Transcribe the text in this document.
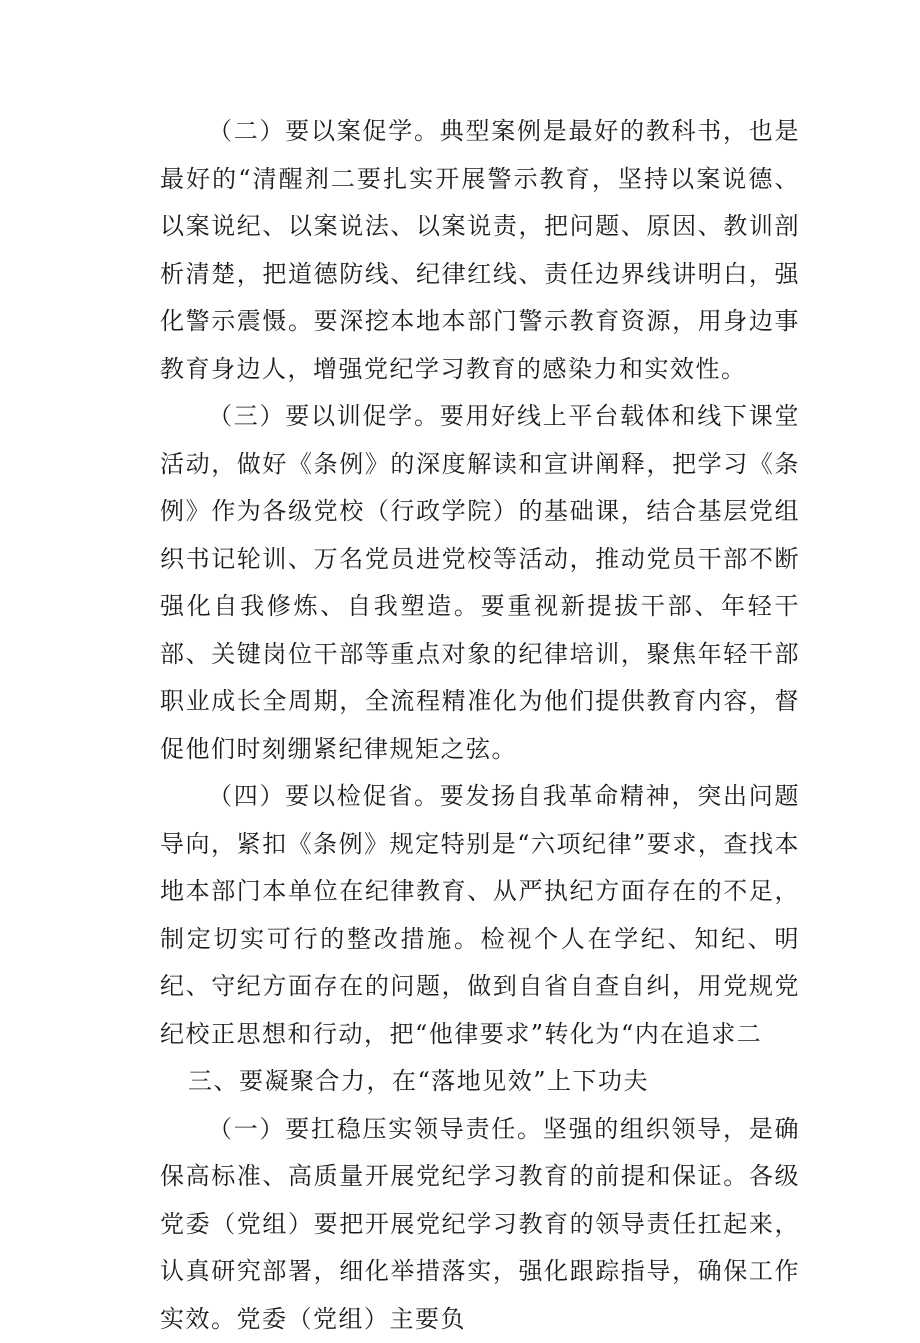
（二）要以案促学。典型案例是最好的教科书，也是最好的“清醒剂二要扎实开展警示教育，坚持以案说德、以案说纪、以案说法、以案说责，把问题、原因、教训剖析清楚，把道德防线、纪律红线、责任边界线讲明白，强化警示震慑。要深挖本地本部门警示教育资源，用身边事教育身边人，增强党纪学习教育的感染力和实效性。

（三）要以训促学。要用好线上平台载体和线下课堂活动，做好《条例》的深度解读和宣讲阐释，把学习《条例》作为各级党校（行政学院）的基础课，结合基层党组织书记轮训、万名党员进党校等活动，推动党员干部不断强化自我修炼、自我塑造。要重视新提拔干部、年轻干部、关键岗位干部等重点对象的纪律培训，聚焦年轻干部职业成长全周期，全流程精准化为他们提供教育内容，督促他们时刻绷紧纪律规矩之弦。

（四）要以检促省。要发扬自我革命精神，突出问题导向，紧扣《条例》规定特别是“六项纪律”要求，查找本地本部门本单位在纪律教育、从严执纪方面存在的不足，制定切实可行的整改措施。检视个人在学纪、知纪、明纪、守纪方面存在的问题，做到自省自查自纠，用党规党纪校正思想和行动，把“他律要求”转化为“内在追求二

三、要凝聚合力，在“落地见效”上下功夫

（一）要扛稳压实领导责任。坚强的组织领导，是确保高标准、高质量开展党纪学习教育的前提和保证。各级党委（党组）要把开展党纪学习教育的领导责任扛起来，认真研究部署，细化举措落实，强化跟踪指导，确保工作实效。党委（党组）主要负
